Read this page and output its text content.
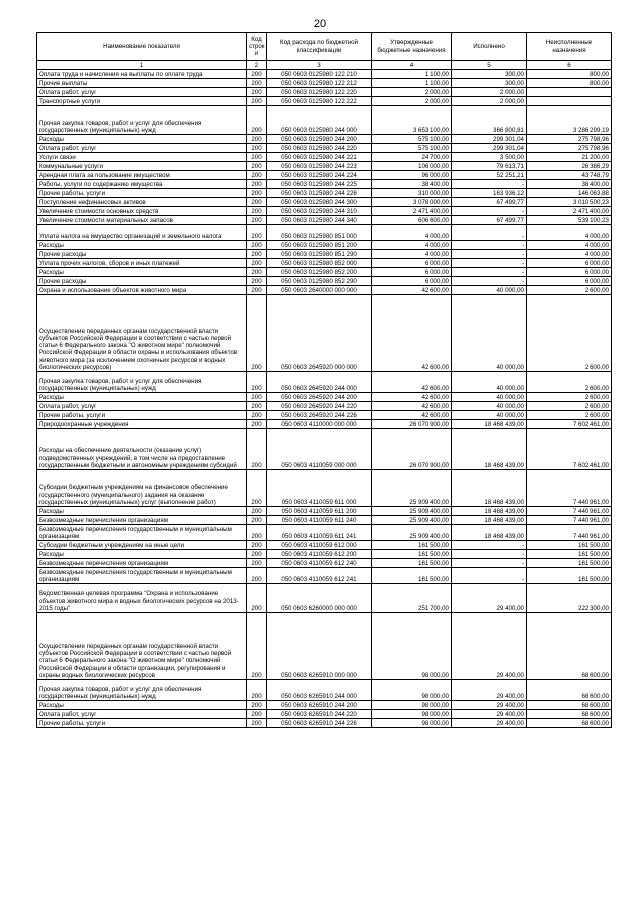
20
Наименование показателя	Код строк и	Код расхода по бюджетной классификации	Утвержденные бюджетные назначения	Исполнено	Неисполненные назначения
1	2	3	4	5	6
Оплата труда и начисления на выплаты по оплате труда	200	050 0603 0125980 122 210	1 100,00	300,00	800,00
Прочие выплаты	200	050 0603 0125980 122 212	1 100,00	300,00	800,00
Оплата работ, услуг	200	050 0603 0125980 122 220	2 000,00	2 000,00	
Транспортные услуги	200	050 0603 0125980 122 222	2 000,00	2 000,00	
Прочая закупка товаров, работ и услуг для обеспечения государственных (муниципальных) нужд	200	050 0603 0125980 244 000	3 653 100,00	366 800,81	3 286 299,19
Расходы	200	050 0603 0125980 244 200	575 100,00	299 301,04	275 798,96
Оплата работ, услуг	200	050 0603 0125980 244 220	575 100,00	299 301,04	275 798,96
Услуги связи	200	050 0603 0125980 244 221	24 700,00	3 500,00	21 200,00
Коммунальные услуги	200	050 0603 0125980 244 223	106 000,00	79 613,71	26 386,29
Арендная плата за пользование имуществом	200	050 0603 0125980 244 224	96 000,00	52 251,21	43 748,79
Работы, услуги по содержанию имущества	200	050 0603 0125980 244 225	38 400,00	-	38 400,00
Прочие работы, услуги	200	050 0603 0125980 244 226	310 000,00	163 936,12	146 063,88
Поступление нефинансовых активов	200	050 0603 0125980 244 300	3 078 000,00	67 499,77	3 010 500,23
Увеличение стоимости основных средств	200	050 0603 0125980 244 310	2 471 400,00	-	2 471 400,00
Увеличение стоимости материальных запасов	200	050 0603 0125980 244 340	606 600,00	67 499,77	539 100,23
Уплата налога на имущество организаций и земельного налога	200	050 0603 0125980 851 000	4 000,00	-	4 000,00
Расходы	200	050 0603 0125980 851 200	4 000,00	-	4 000,00
Прочие расходы	200	050 0603 0125980 851 290	4 000,00	-	4 000,00
Уплата прочих налогов, сборов и иных платежей	200	050 0603 0125980 852 000	6 000,00	-	6 000,00
Расходы	200	050 0603 0125980 852 200	6 000,00	-	6 000,00
Прочие расходы	200	050 0603 0125980 852 290	6 000,00	-	6 000,00
Охрана и использование объектов животного мира	200	050 0603 2640000 000 000	42 600,00	40 000,00	2 600,00
Осуществление переданных органам государственной власти субъектов Российской Федерации в соответствии с частью первой статьи 6 Федерального закона "О животном мире" полномочий Российской Федерации в области охраны и использования объектов животного мира (за исключением охотничьих ресурсов и водных биологических ресурсов)	200	050 0603 2645920 000 000	42 600,00	40 000,00	2 600,00
Прочая закупка товаров, работ и услуг для обеспечения государственных (муниципальных) нужд	200	050 0603 2645920 244 000	42 600,00	40 000,00	2 600,00
Расходы	200	050 0603 2645920 244 200	42 600,00	40 000,00	2 600,00
Оплата работ, услуг	200	050 0603 2645920 244 220	42 600,00	40 000,00	2 600,00
Прочие работы, услуги	200	050 0603 2645920 244 226	42 600,00	40 000,00	2 600,00
Природоохранные учреждения	200	050 0603 4110000 000 000	26 070 900,00	18 468 439,00	7 602 461,00
Расходы на обеспечение деятельности (оказание услуг) подведомственных учреждений, в том числе на предоставление государственным бюджетным и автономным учреждениям субсидий	200	050 0603 4110059 000 000	26 070 900,00	18 468 439,00	7 602 461,00
Субсидии бюджетным учреждениям на финансовое обеспечение государственного (муниципального) задания на оказание государственных (муниципальных) услуг (выполнение работ)	200	050 0603 4110059 611 000	25 909 400,00	18 468 439,00	7 440 961,00
Расходы	200	050 0603 4110059 611 200	25 909 400,00	18 468 439,00	7 440 961,00
Безвозмездные перечисления организациям	200	050 0603 4110059 611 240	25 909 400,00	18 468 439,00	7 440 961,00
Безвозмездные перечисления государственным и муниципальным организациям	200	050 0603 4110059 611 241	25 909 400,00	18 468 439,00	7 440 961,00
Субсидии бюджетным учреждениям на иные цели	200	050 0603 4110059 612 000	161 500,00	-	161 500,00
Расходы	200	050 0603 4110059 612 200	161 500,00	-	161 500,00
Безвозмездные перечисления организациям	200	050 0603 4110059 612 240	161 500,00	-	161 500,00
Безвозмездные перечисления государственным и муниципальным организациям	200	050 0603 4110059 612 241	161 500,00	-	161 500,00
Ведомственная целевая программа "Охрана и использование объектов животного мира и водных биологических ресурсов на 2013-2015 годы"	200	050 0603 6260000 000 000	251 700,00	29 400,00	222 300,00
Осуществление переданных органам государственной власти субъектов Российской Федерации в соответствии с частью первой статьи 6 Федерального закона "О животном мире" полномочий Российской Федерации в области организации, регулирования и охраны водных биологических ресурсов	200	050 0603 6265910 000 000	98 000,00	29 400,00	68 600,00
Прочая закупка товаров, работ и услуг для обеспечения государственных (муниципальных) нужд	200	050 0603 6265910 244 000	98 000,00	29 400,00	68 600,00
Расходы	200	050 0603 6265910 244 200	98 000,00	29 400,00	68 600,00
Оплата работ, услуг	200	050 0603 6265910 244 220	98 000,00	29 400,00	68 600,00
Прочие работы, услуги	200	050 0603 6265910 244 226	98 000,00	29 400,00	68 600,00
